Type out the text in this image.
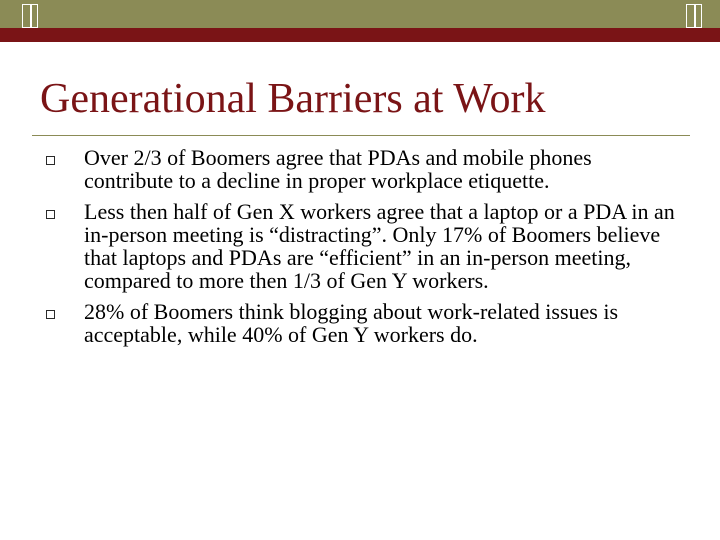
Generational Barriers at Work
Over 2/3 of Boomers agree that PDAs and mobile phones contribute to a decline in proper workplace etiquette.
Less then half of Gen X workers agree that a laptop or a PDA in an in-person meeting is “distracting”. Only 17% of Boomers believe that laptops and PDAs are “efficient” in an in-person meeting, compared to more then 1/3 of Gen Y workers.
28% of Boomers think blogging about work-related issues is acceptable, while 40% of Gen Y workers do.
